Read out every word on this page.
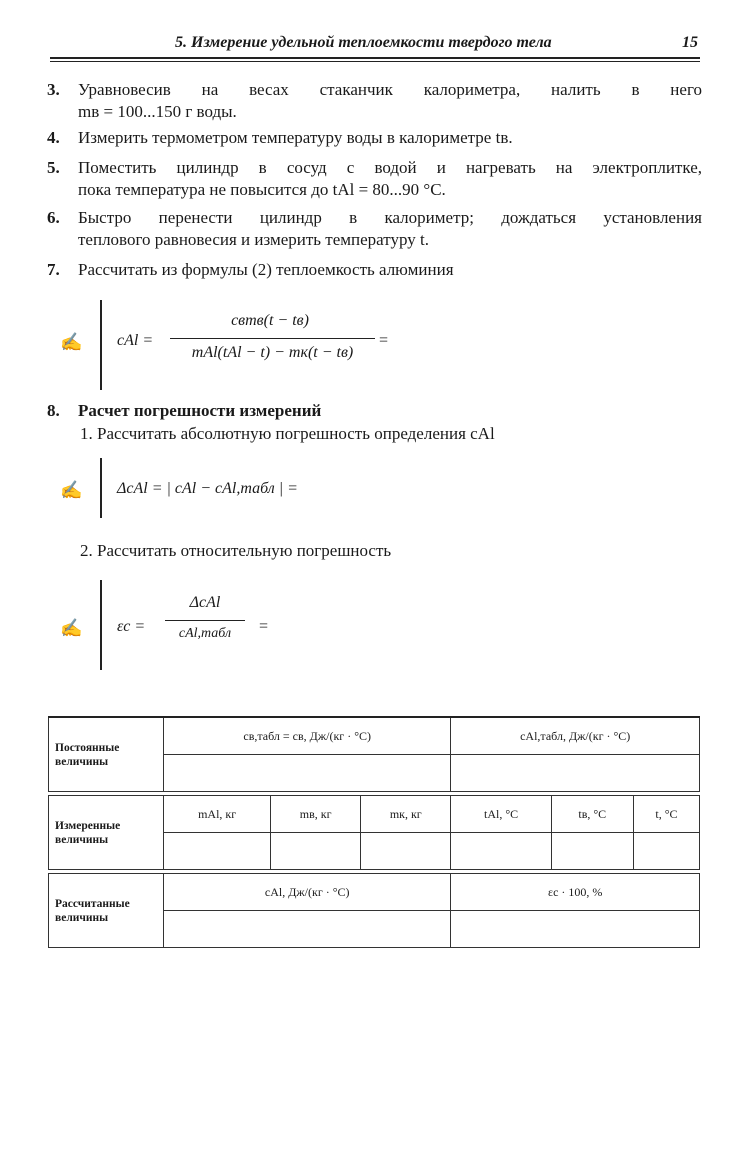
5. Измерение удельной теплоемкости твердого тела	15
3. Уравновесив на весах стаканчик калориметра, налить в него
mв = 100...150 г воды.
4. Измерить термометром температуру воды в калориметре tв.
5. Поместить цилиндр в сосуд с водой и нагревать на электроплитке,
пока температура не повысится до tAl = 80...90 °C.
6. Быстро перенести цилиндр в калориметр; дождаться установления
теплового равновесия и измерить температуру t.
7. Рассчитать из формулы (2) теплоемкость алюминия
✍ cAl =
cвmв(t − tв)
mAl(tAl − t) − mк(t − tв)
=
8. Расчет погрешности измерений
1. Рассчитать абсолютную погрешность определения cAl
✍ ΔcAl = | cAl − cAl,табл | =
2. Рассчитать относительную погрешность
✍ εc =
ΔcAl
cAl,табл	=
Постоянные величины	cв,табл = cв, Дж/(кг · °C)			cAl,табл, Дж/(кг · °C)		

Измеренные величины	mAl, кг	mв, кг	mк, кг	tAl, °C	tв, °C	t, °C

Рассчитанные величины	cAl, Дж/(кг · °C)			εc · 100, %		
